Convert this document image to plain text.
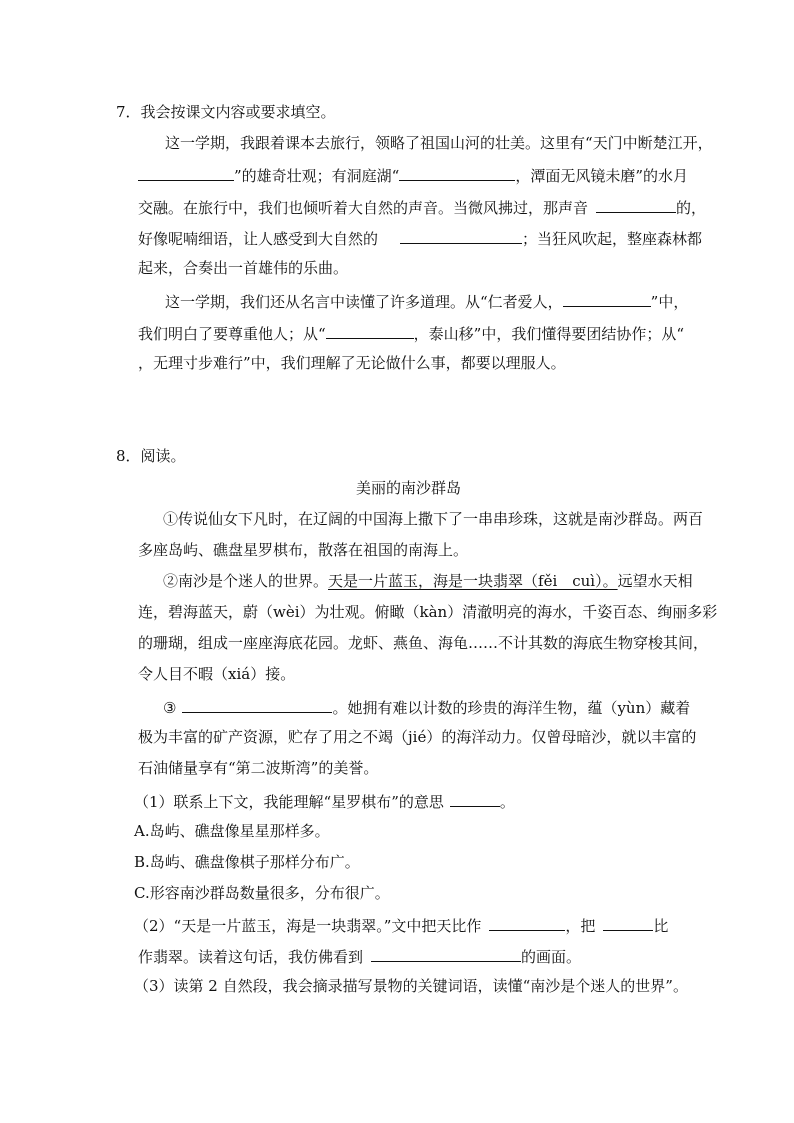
7．我会按课文内容或要求填空。
这一学期，我跟着课本去旅行，领略了祖国山河的壮美。这里有“天门中断楚江开，
”的雄奇壮观；有洞庭湖“	，潭面无风镜未磨”的水月
交融。在旅行中，我们也倾听着大自然的声音。当微风拂过，那声音	的，
好像呢喃细语，让人感受到大自然的	；当狂风吹起，整座森林都
起来，合奏出一首雄伟的乐曲。
这一学期，我们还从名言中读懂了许多道理。从“仁者爱人，	”中，
我们明白了要尊重他人；从“	，泰山移”中，我们懂得要团结协作；从“
，无理寸步难行”中，我们理解了无论做什么事，都要以理服人。
8．阅读。
美丽的南沙群岛
①传说仙女下凡时，在辽阔的中国海上撒下了一串串珍珠，这就是南沙群岛。两百
多座岛屿、礁盘星罗棋布，散落在祖国的南海上。
②南沙是个迷人的世界。天是一片蓝玉，海是一块翡翠（fěi　cuì）。远望水天相
连，碧海蓝天，蔚（wèi）为壮观。俯瞰（kàn）清澈明亮的海水，千姿百态、绚丽多彩
的珊瑚，组成一座座海底花园。龙虾、燕鱼、海龟……不计其数的海底生物穿梭其间，
令人目不暇（xiá）接。
③	。她拥有难以计数的珍贵的海洋生物，蕴（yùn）藏着
极为丰富的矿产资源，贮存了用之不竭（jié）的海洋动力。仅曾母暗沙，就以丰富的
石油储量享有“第二波斯湾”的美誉。
（1）联系上下文，我能理解“星罗棋布”的意思	。
A.岛屿、礁盘像星星那样多。
B.岛屿、礁盘像棋子那样分布广。
C.形容南沙群岛数量很多，分布很广。
（2）“天是一片蓝玉，海是一块翡翠。”文中把天比作	，把	比
作翡翠。读着这句话，我仿佛看到	的画面。
（3）读第 2 自然段，我会摘录描写景物的关键词语，读懂“南沙是个迷人的世界”。
